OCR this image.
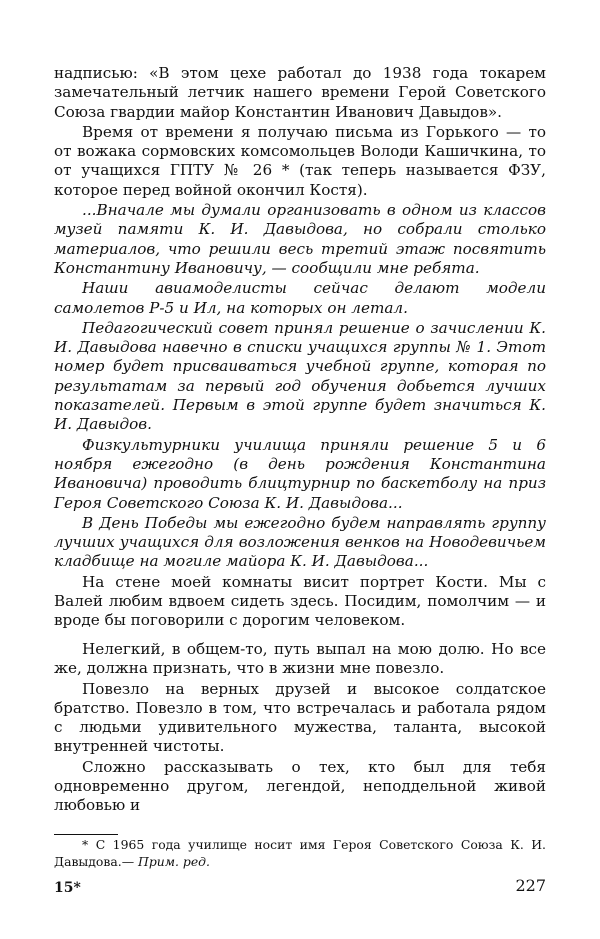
надписью: «В этом цехе работал до 1938 года токарем замечательный летчик нашего времени Герой Советского Союза гвардии майор Константин Иванович Давыдов».

Время от времени я получаю письма из Горького — то от вожака сормовских комсомольцев Володи Кашичкина, то от учащихся ГПТУ № 26 * (так теперь называется ФЗУ, которое перед войной окончил Костя).

...Вначале мы думали организовать в одном из классов музей памяти К. И. Давыдова, но собрали столько материалов, что решили весь третий этаж посвятить Константину Ивановичу, — сообщили мне ребята.

Наши авиамоделисты сейчас делают модели самолетов Р-5 и Ил, на которых он летал.

Педагогический совет принял решение о зачислении К. И. Давыдова навечно в списки учащихся группы № 1. Этот номер будет присваиваться учебной группе, которая по результатам за первый год обучения добьется лучших показателей. Первым в этой группе будет значиться К. И. Давыдов.

Физкультурники училища приняли решение 5 и 6 ноября ежегодно (в день рождения Константина Ивановича) проводить блицтурнир по баскетболу на приз Героя Советского Союза К. И. Давыдова...

В День Победы мы ежегодно будем направлять группу лучших учащихся для возложения венков на Новодевичьем кладбище на могиле майора К. И. Давыдова...

На стене моей комнаты висит портрет Кости. Мы с Валей любим вдвоем сидеть здесь. Посидим, помолчим — и вроде бы поговорили с дорогим человеком.

Нелегкий, в общем-то, путь выпал на мою долю. Но все же, должна признать, что в жизни мне повезло.

Повезло на верных друзей и высокое солдатское братство. Повезло в том, что встречалась и работала рядом с людьми удивительного мужества, таланта, высокой внутренней чистоты.

Сложно рассказывать о тех, кто был для тебя одновременно другом, легендой, неподдельной живой любовью и

* С 1965 года училище носит имя Героя Советского Союза К. И. Давыдова.— Прим. ред.

15*	227
